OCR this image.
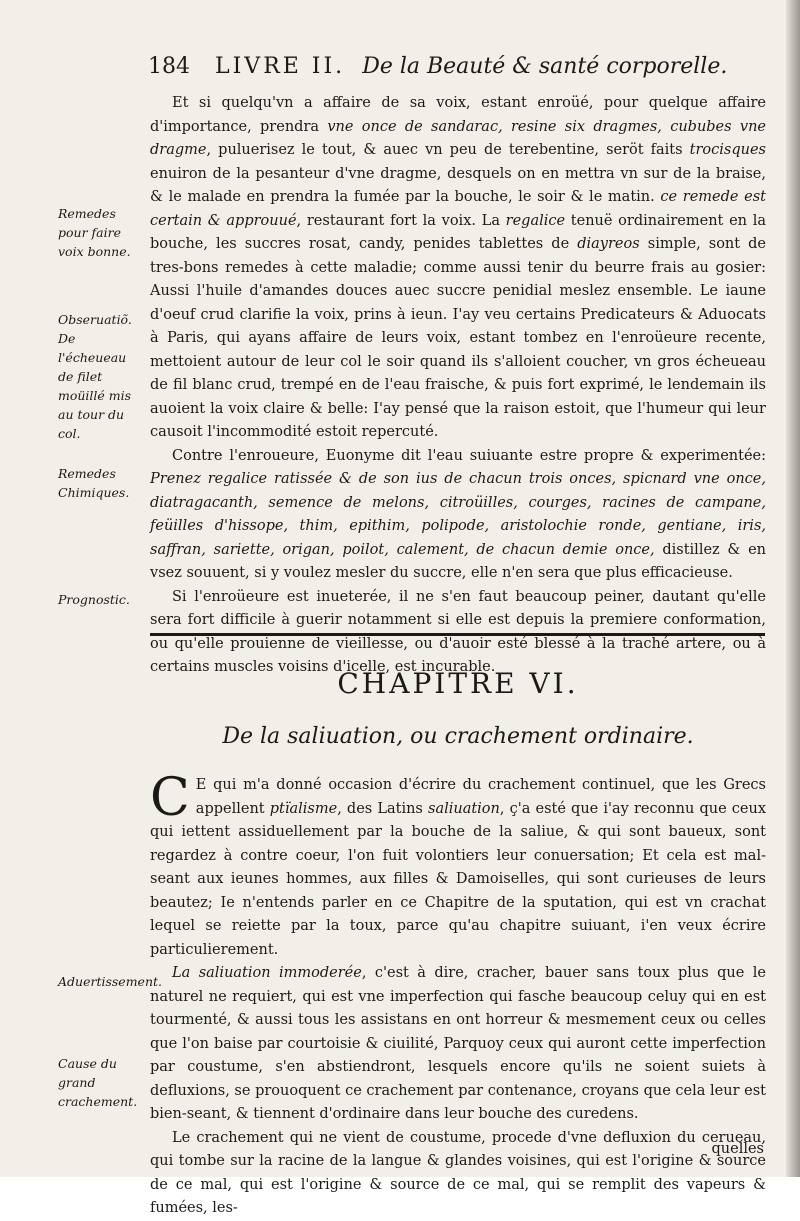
184 LIVRE II. De la Beauté & santé corporelle.

Et si quelqu'vn a affaire de sa voix, estant enroüé, pour quelque affaire d'importance, prendra vne once de sandarac, resine six dragmes, cububes vne dragme, puluerisez le tout, & auec vn peu de terebentine, seröt faits trocisques enuiron de la pesanteur d'vne dragme, desquels on en mettra vn sur de la braise, & le malade en prendra la fumée par la bouche, le soir & le matin. ce remede est certain & approuué, restaurant fort la voix. La regalice tenuë ordinairement en la bouche, les succres rosat, candy, penides tablettes de diayreos simple, sont de tres-bons remedes à cette maladie; comme aussi tenir du beurre frais au gosier: Aussi l'huile d'amandes douces auec succre penidial meslez ensemble. Le iaune d'oeuf crud clarifie la voix, prins à ieun. I'ay veu certains Predicateurs & Aduocats à Paris, qui ayans affaire de leurs voix, estant tombez en l'enroüeure recente, mettoient autour de leur col le soir quand ils s'alloient coucher, vn gros écheueau de fil blanc crud, trempé en de l'eau fraische, & puis fort exprimé, le lendemain ils auoient la voix claire & belle: I'ay pensé que la raison estoit, que l'humeur qui leur causoit l'incommodité estoit repercuté.

Contre l'enroueure, Euonyme dit l'eau suiuante estre propre & experimentée: Prenez regalice ratissée & de son ius de chacun trois onces, spicnard vne once, diatragacanth, semence de melons, citroüilles, courges, racines de campane, feüilles d'hissope, thim, epithim, polipode, aristolochie ronde, gentiane, iris, saffran, sariette, origan, poilot, calement, de chacun demie once, distillez & en vsez souuent, si y voulez mesler du succre, elle n'en sera que plus efficacieuse.

Si l'enroüeure est inueterée, il ne s'en faut beaucoup peiner, dautant qu'elle sera fort difficile à guerir notamment si elle est depuis la premiere conformation, ou qu'elle prouienne de vieillesse, ou d'auoir esté blessé à la traché artere, ou à certains muscles voisins d'icelle, est incurable.

Remedes pour faire voix bonne.
Obseruatiõ. De l'écheueau de filet moüillé mis au tour du col.
Remedes Chimiques.
Prognostic.
CHAPITRE VI.
De la saliuation, ou crachement ordinaire.

C E qui m'a donné occasion d'écrire du crachement continuel, que les Grecs appellent ptïalisme, des Latins saliuation, ç'a esté que i'ay reconnu que ceux qui iettent assiduellement par la bouche de la saliue, & qui sont baueux, sont regardez à contre coeur, l'on fuit volontiers leur conuersation; Et cela est mal-seant aux ieunes hommes, aux filles & Damoiselles, qui sont curieuses de leurs beautez; Ie n'entends parler en ce Chapitre de la sputation, qui est vn crachat lequel se reiette par la toux, parce qu'au chapitre suiuant, i'en veux écrire particulierement.

La saliuation immoderée, c'est à dire, cracher, bauer sans toux plus que le naturel ne requiert, qui est vne imperfection qui fasche beaucoup celuy qui en est tourmenté, & aussi tous les assistans en ont horreur & mesmement ceux ou celles que l'on baise par courtoisie & ciuilité, Parquoy ceux qui auront cette imperfection par coustume, s'en abstiendront, lesquels encore qu'ils ne soient suiets à defluxions, se prouoquent ce crachement par contenance, croyans que cela leur est bien-seant, & tiennent d'ordinaire dans leur bouche des curedens.

Le crachement qui ne vient de coustume, procede d'vne defluxion du cerueau, qui tombe sur la racine de la langue & glandes voisines, qui est l'origine & source de ce mal, qui est l'origine & source de ce mal, qui se remplit des vapeurs & fumées, les-

Aduertissement.
Cause du grand crachement.
quelles
